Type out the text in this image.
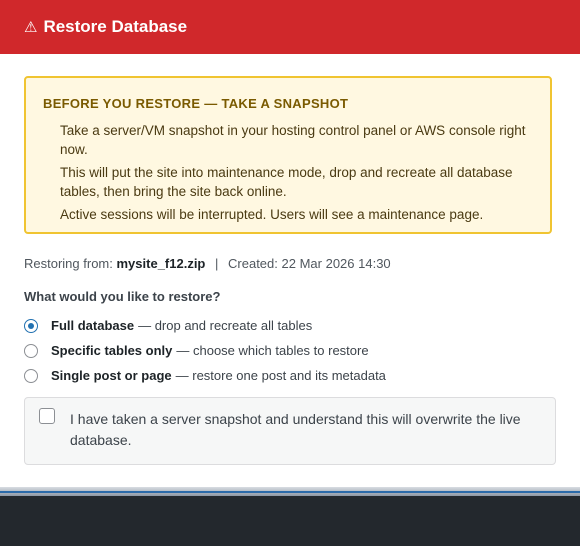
⚠ Restore Database
BEFORE YOU RESTORE — TAKE A SNAPSHOT

Take a server/VM snapshot in your hosting control panel or AWS console right now.

This will put the site into maintenance mode, drop and recreate all database tables, then bring the site back online.

Active sessions will be interrupted. Users will see a maintenance page.

Restoring from: mysite_f12.zip | Created: 22 Mar 2026 14:30
What would you like to restore?
Full database — drop and recreate all tables
Specific tables only — choose which tables to restore
Single post or page — restore one post and its metadata
I have taken a server snapshot and understand this will overwrite the live database.
